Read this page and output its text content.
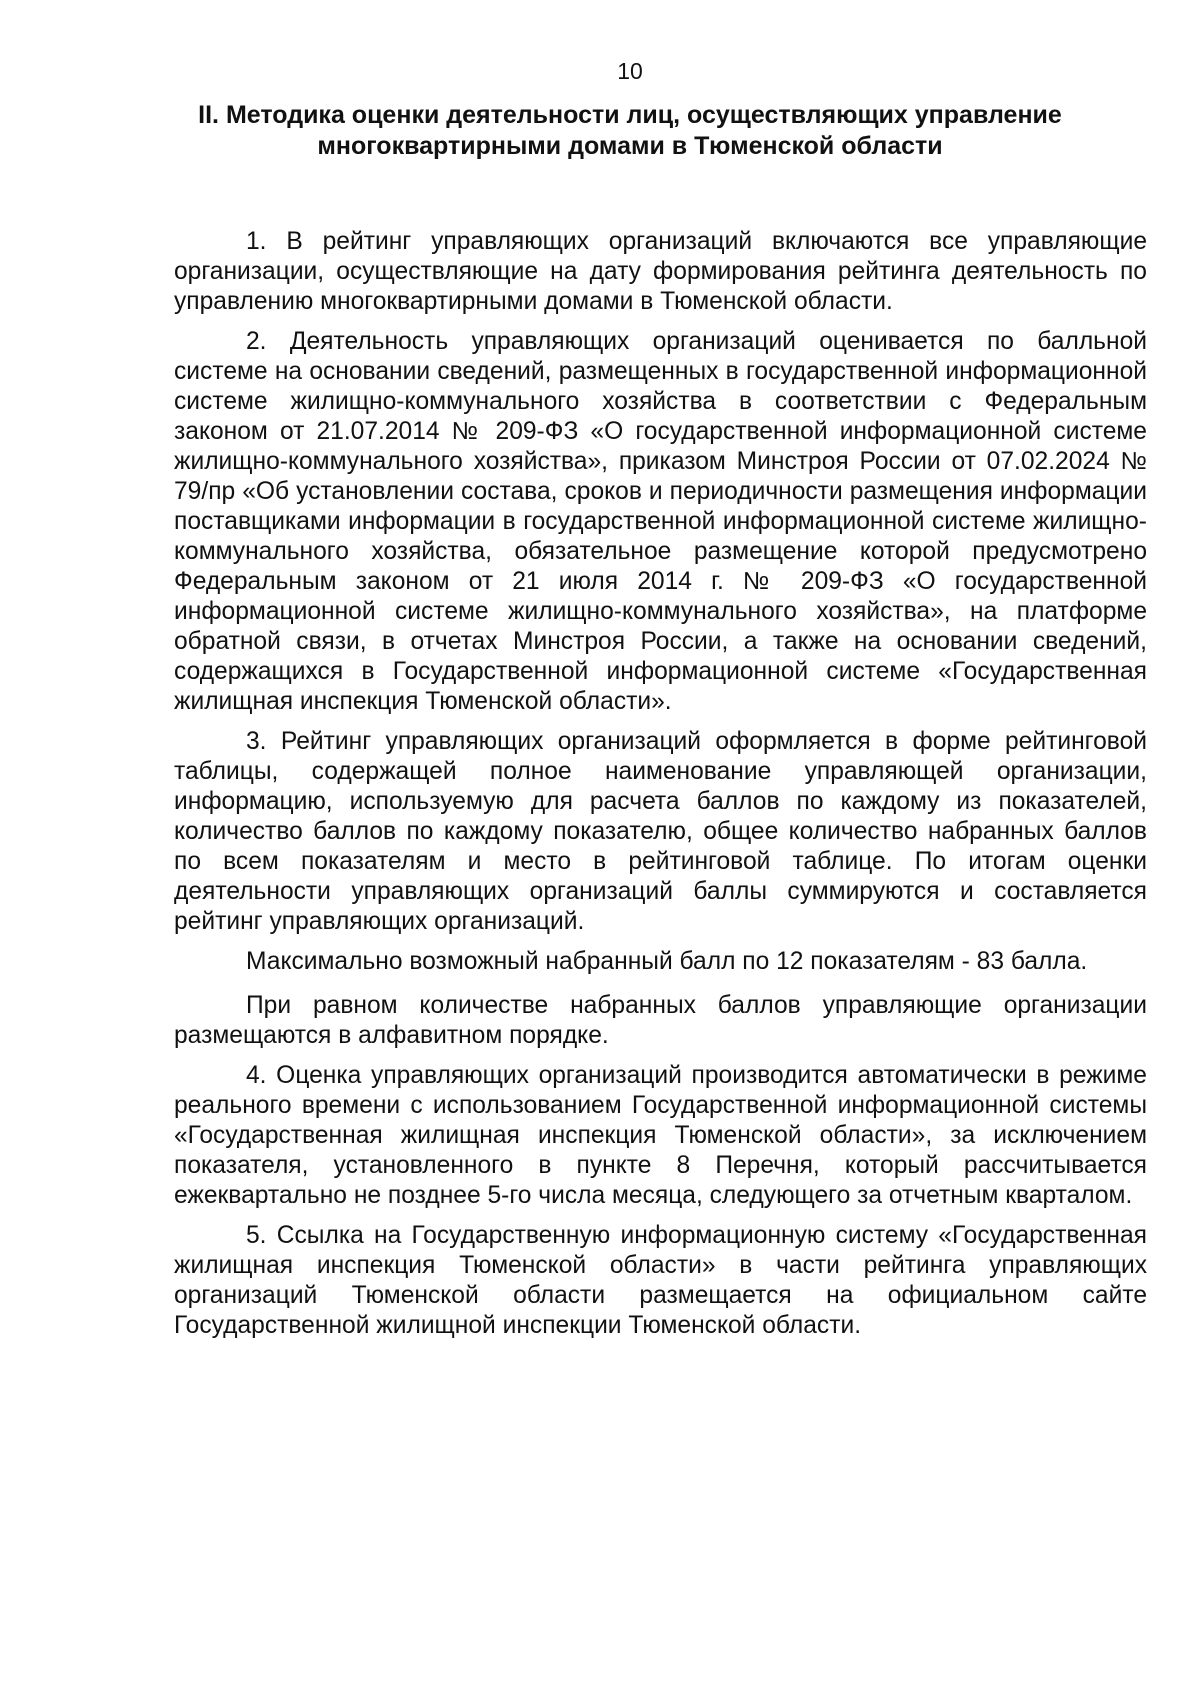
10
II. Методика оценки деятельности лиц, осуществляющих управление
многоквартирными домами в Тюменской области

1. В рейтинг управляющих организаций включаются все управляющие организации, осуществляющие на дату формирования рейтинга деятельность по управлению многоквартирными домами в Тюменской области.

2. Деятельность управляющих организаций оценивается по балльной системе на основании сведений, размещенных в государственной информационной системе жилищно-коммунального хозяйства в соответствии с Федеральным законом от 21.07.2014 № 209-ФЗ «О государственной информационной системе жилищно-коммунального хозяйства», приказом Минстроя России от 07.02.2024 № 79/пр «Об установлении состава, сроков и периодичности размещения информации поставщиками информации в государственной информационной системе жилищно-коммунального хозяйства, обязательное размещение которой предусмотрено Федеральным законом от 21 июля 2014 г. № 209-ФЗ «О государственной информационной системе жилищно-коммунального хозяйства», на платформе обратной связи, в отчетах Минстроя России, а также на основании сведений, содержащихся в Государственной информационной системе «Государственная жилищная инспекция Тюменской области».

3. Рейтинг управляющих организаций оформляется в форме рейтинговой таблицы, содержащей полное наименование управляющей организации, информацию, используемую для расчета баллов по каждому из показателей, количество баллов по каждому показателю, общее количество набранных баллов по всем показателям и место в рейтинговой таблице. По итогам оценки деятельности управляющих организаций баллы суммируются и составляется рейтинг управляющих организаций.

Максимально возможный набранный балл по 12 показателям - 83 балла.

При равном количестве набранных баллов управляющие организации размещаются в алфавитном порядке.

4. Оценка управляющих организаций производится автоматически в режиме реального времени с использованием Государственной информационной системы «Государственная жилищная инспекция Тюменской области», за исключением показателя, установленного в пункте 8 Перечня, который рассчитывается ежеквартально не позднее 5-го числа месяца, следующего за отчетным кварталом.

5. Ссылка на Государственную информационную систему «Государственная жилищная инспекция Тюменской области» в части рейтинга управляющих организаций Тюменской области размещается на официальном сайте Государственной жилищной инспекции Тюменской области.
